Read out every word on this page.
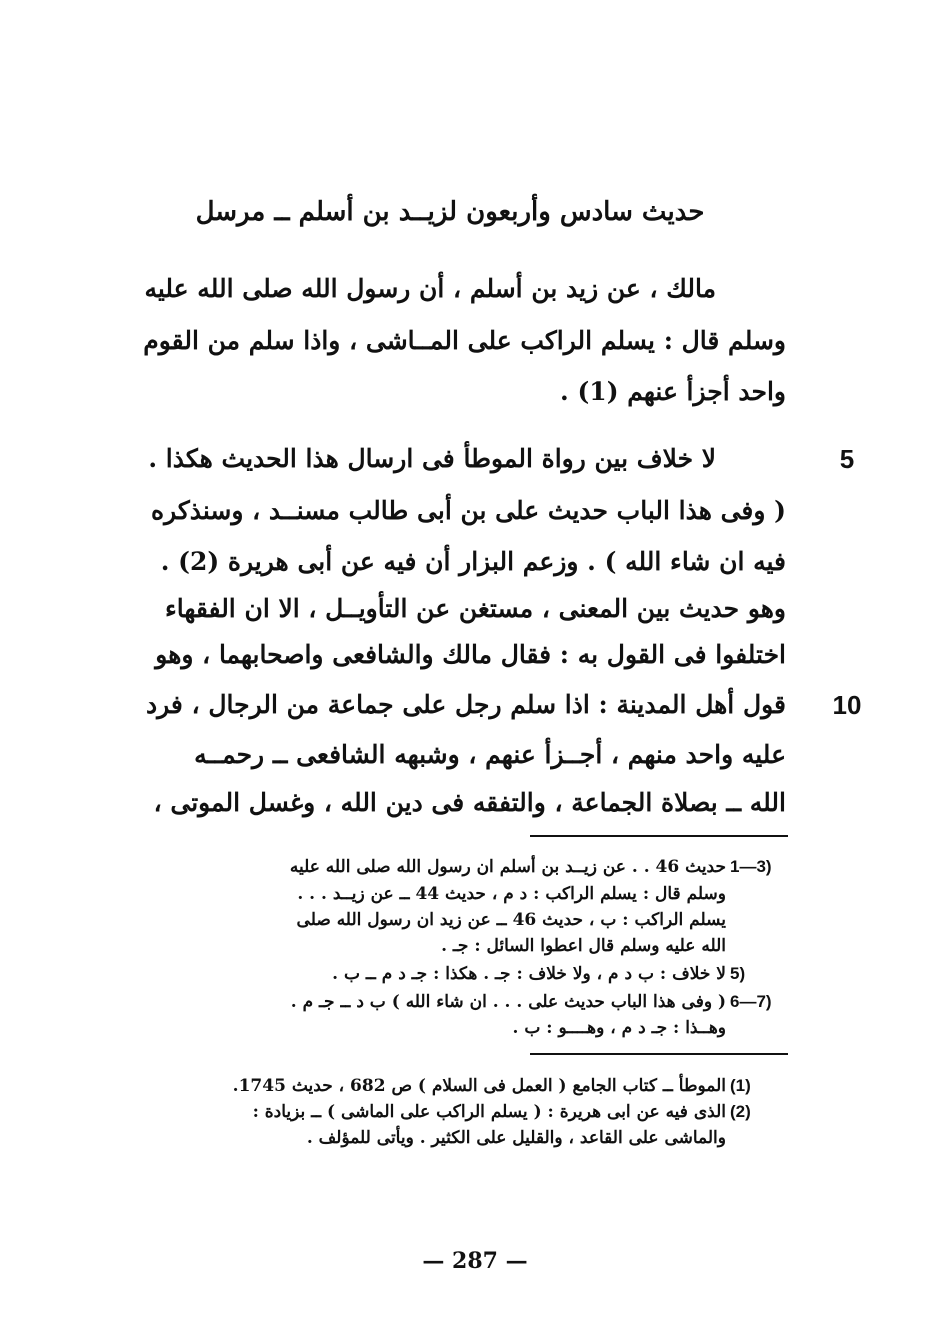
حديث سادس وأربعون لزيــد بن أسلم ــ مرسل
مالك ، عن زيد بن أسلم ، أن رسول الله صلى الله عليه
وسلم قال : يسلم الراكب على المــاشى ، واذا سلم من القوم
واحد أجزأ عنهم (1) .
لا خلاف بين رواة الموطأ فى ارسال هذا الحديث هكذا .
( وفى هذا الباب حديث على بن أبى طالب مسنــد ، وسنذكره
فيه ان شاء الله ) . وزعم البزار أن فيه عن أبى هريرة (2) .
وهو حديث بين المعنى ، مستغن عن التأويــل ، الا ان الفقهاء
اختلفوا فى القول به : فقال مالك والشافعى واصحابهما ، وهو
قول أهل المدينة : اذا سلم رجل على جماعة من الرجال ، فرد
عليه واحد منهم ، أجــزأ عنهم ، وشبهه الشافعى ــ رحمــه
الله ــ بصلاة الجماعة ، والتفقه فى دين الله ، وغسل الموتى ،
5
10
1—3)
حديث 46 . . عن زيــد بن أسلم ان رسول الله صلى الله عليه
وسلم قال : يسلم الراكب : د م ، حديث 44 ــ عن زيــد . . .
يسلم الراكب : ب ، حديث 46 ــ عن زيد ان رسول الله صلى
الله عليه وسلم قال اعطوا السائل : جـ .
5)
لا خلاف : ب د م ، ولا خلاف : جـ . هكذا : جـ د م ــ ب .
6—7)
( وفى هذا الباب حديث على . . . ان شاء الله ) ب د ــ جـ م .
وهــذا : جـ د م ، وهــــو : ب .
(1)
الموطأ ــ كتاب الجامع ( العمل فى السلام ) ص 682 ، حديث 1745.
(2)
الذى فيه عن ابى هريرة : ( يسلم الراكب على الماشى ) ــ بزيادة :
والماشى على القاعد ، والقليل على الكثير . ويأتى للمؤلف .
— 287 —
